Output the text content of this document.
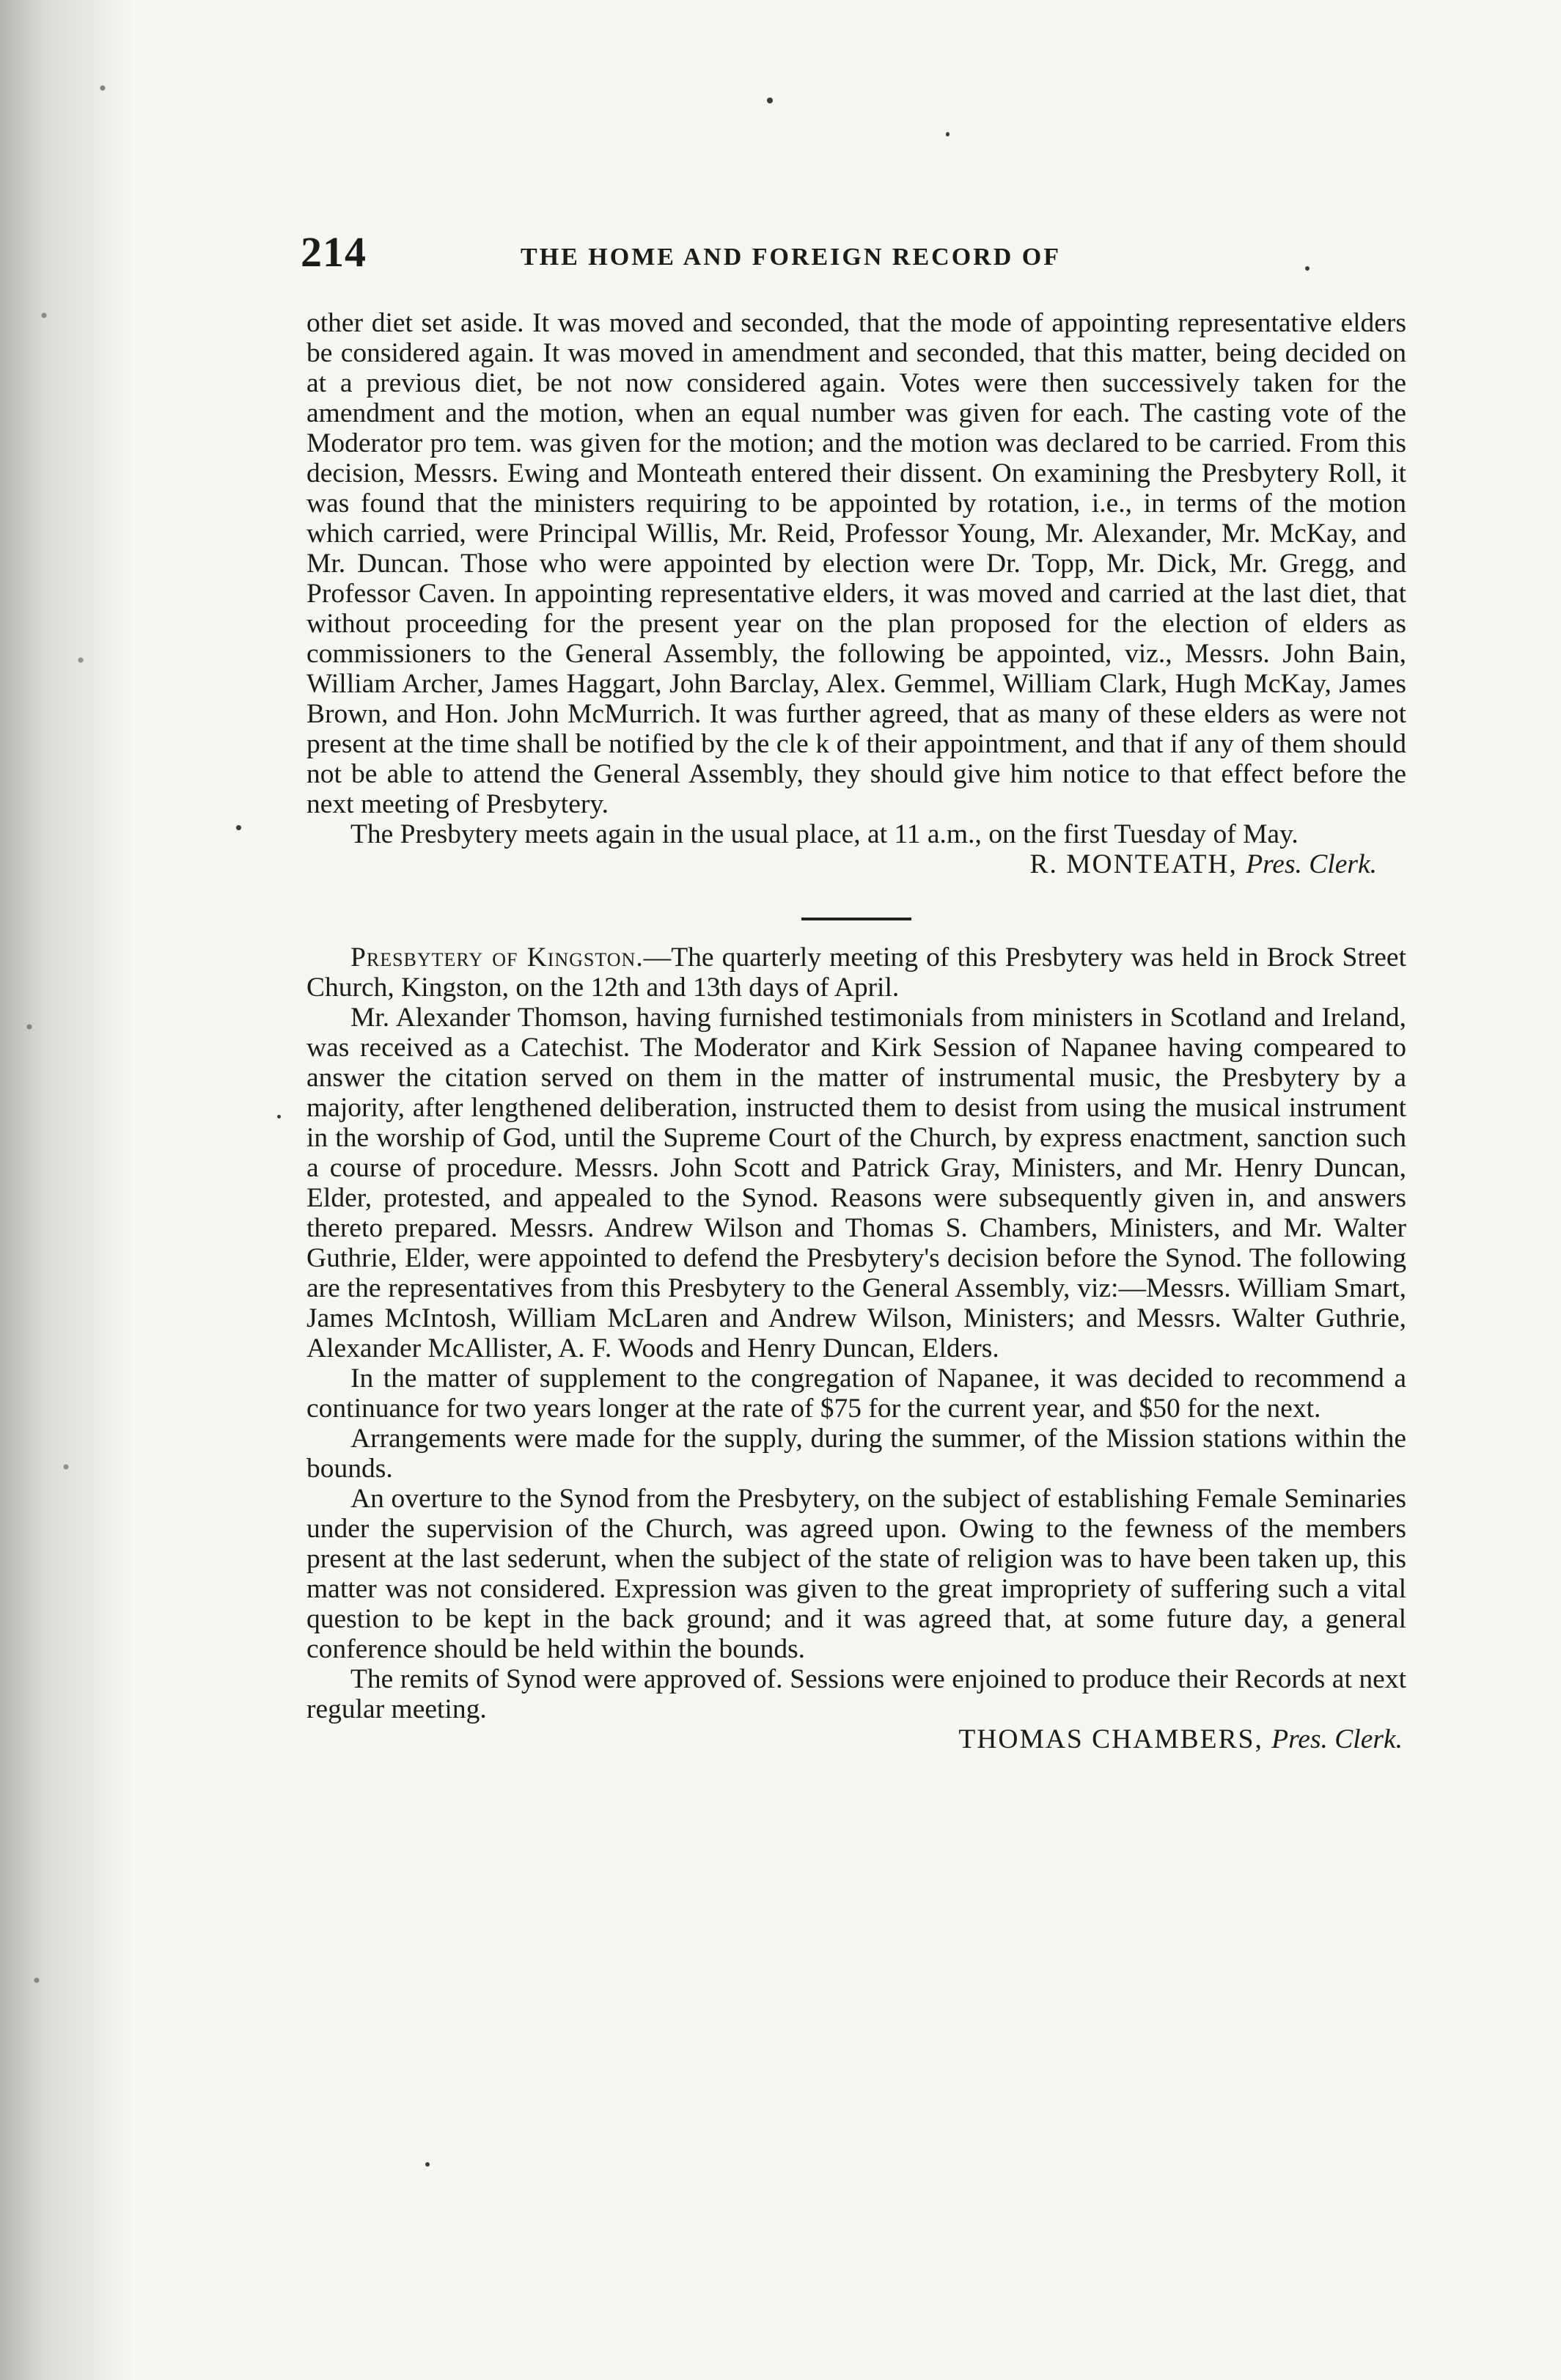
214	THE HOME AND FOREIGN RECORD OF

other diet set aside. It was moved and seconded, that the mode of appointing representative elders be considered again. It was moved in amendment and seconded, that this matter, being decided on at a previous diet, be not now considered again. Votes were then successively taken for the amendment and the motion, when an equal number was given for each. The casting vote of the Moderator pro tem. was given for the motion; and the motion was declared to be carried. From this decision, Messrs. Ewing and Monteath entered their dissent. On examining the Presbytery Roll, it was found that the ministers requiring to be appointed by rotation, i.e., in terms of the motion which carried, were Principal Willis, Mr. Reid, Professor Young, Mr. Alexander, Mr. McKay, and Mr. Duncan. Those who were appointed by election were Dr. Topp, Mr. Dick, Mr. Gregg, and Professor Caven. In appointing representative elders, it was moved and carried at the last diet, that without proceeding for the present year on the plan proposed for the election of elders as commissioners to the General Assembly, the following be appointed, viz., Messrs. John Bain, William Archer, James Haggart, John Barclay, Alex. Gemmel, William Clark, Hugh McKay, James Brown, and Hon. John McMurrich. It was further agreed, that as many of these elders as were not present at the time shall be notified by the cle k of their appointment, and that if any of them should not be able to attend the General Assembly, they should give him notice to that effect before the next meeting of Presbytery.

The Presbytery meets again in the usual place, at 11 a.m., on the first Tuesday of May.

R. MONTEATH, Pres. Clerk.

Presbytery of Kingston.—The quarterly meeting of this Presbytery was held in Brock Street Church, Kingston, on the 12th and 13th days of April.

Mr. Alexander Thomson, having furnished testimonials from ministers in Scotland and Ireland, was received as a Catechist. The Moderator and Kirk Session of Napanee having compeared to answer the citation served on them in the matter of instrumental music, the Presbytery by a majority, after lengthened deliberation, instructed them to desist from using the musical instrument in the worship of God, until the Supreme Court of the Church, by express enactment, sanction such a course of procedure. Messrs. John Scott and Patrick Gray, Ministers, and Mr. Henry Duncan, Elder, protested, and appealed to the Synod. Reasons were subsequently given in, and answers thereto prepared. Messrs. Andrew Wilson and Thomas S. Chambers, Ministers, and Mr. Walter Guthrie, Elder, were appointed to defend the Presbytery's decision before the Synod. The following are the representatives from this Presbytery to the General Assembly, viz:—Messrs. William Smart, James McIntosh, William McLaren and Andrew Wilson, Ministers; and Messrs. Walter Guthrie, Alexander McAllister, A. F. Woods and Henry Duncan, Elders.

In the matter of supplement to the congregation of Napanee, it was decided to recommend a continuance for two years longer at the rate of $75 for the current year, and $50 for the next.

Arrangements were made for the supply, during the summer, of the Mission stations within the bounds.

An overture to the Synod from the Presbytery, on the subject of establishing Female Seminaries under the supervision of the Church, was agreed upon. Owing to the fewness of the members present at the last sederunt, when the subject of the state of religion was to have been taken up, this matter was not considered. Expression was given to the great impropriety of suffering such a vital question to be kept in the back ground; and it was agreed that, at some future day, a general conference should be held within the bounds.

The remits of Synod were approved of. Sessions were enjoined to produce their Records at next regular meeting.

THOMAS CHAMBERS, Pres. Clerk.
